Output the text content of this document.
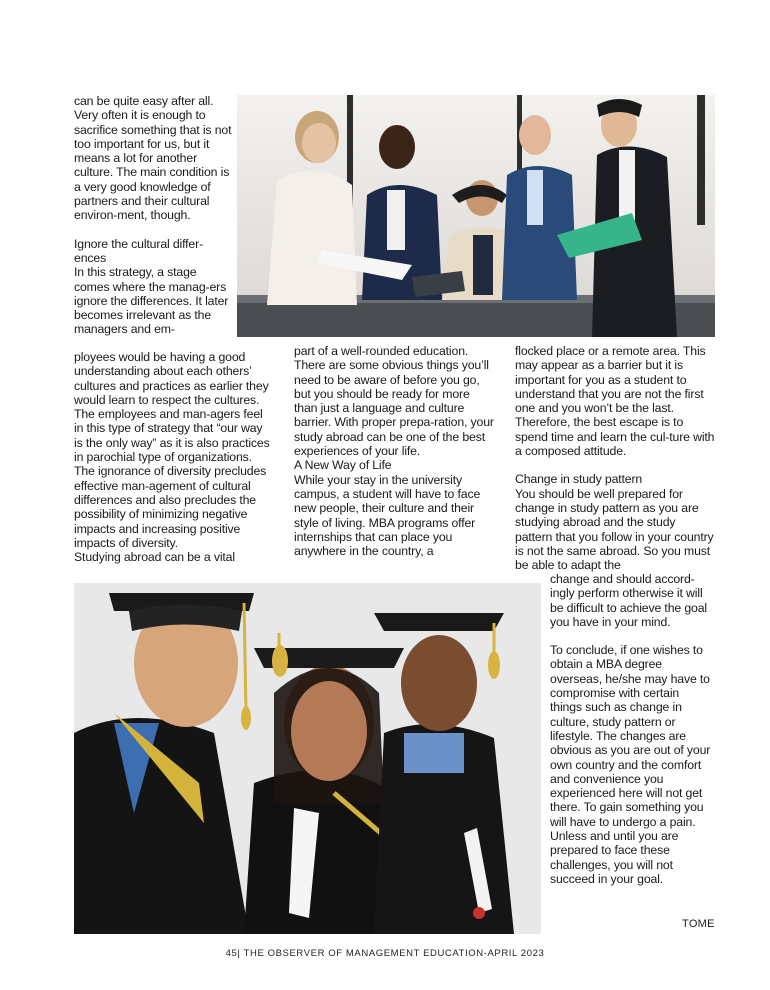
can be quite easy after all. Very often it is enough to sacrifice something that is not too important for us, but it means a lot for another culture. The main condition is a very good knowledge of partners and their cultural environ-ment, though.

Ignore the cultural differ-ences

In this strategy, a stage comes where the manag-ers ignore the differences. It later becomes irrelevant as the managers and em-

ployees would be having a good understanding about each others’ cultures and practices as earlier they would learn to respect the cultures. The employees and man-agers feel in this type of strategy that “our way is the only way” as it is also practices in parochial type of organizations. The ignorance of diversity precludes effective man-agement of cultural differences and also precludes the possibility of minimizing negative impacts and increasing positive impacts of diversity.

Studying abroad can be a vital

part of a well-rounded education. There are some obvious things you’ll need to be aware of before you go, but you should be ready for more than just a language and culture barrier. With proper prepa-ration, your study abroad can be one of the best experiences of your life.

A New Way of Life

While your stay in the university campus, a student will have to face new people, their culture and their style of living. MBA programs offer internships that can place you anywhere in the country, a

flocked place or a remote area. This may appear as a barrier but it is important for you as a student to understand that you are not the first one and you won’t be the last. Therefore, the best escape is to spend time and learn the cul-ture with a composed attitude.

Change in study pattern

You should be well prepared for change in study pattern as you are studying abroad and the study pattern that you follow in your country is not the same abroad. So you must be able to adapt the

change and should accord-ingly perform otherwise it will be difficult to achieve the goal you have in your mind.

To conclude, if one wishes to obtain a MBA degree overseas, he/she may have to compromise with certain things such as change in culture, study pattern or lifestyle. The changes are obvious as you are out of your own country and the comfort and convenience you experienced here will not get there. To gain something you will have to undergo a pain. Unless and until you are prepared to face these challenges, you will not succeed in your goal.

TOME
45| THE OBSERVER OF MANAGEMENT EDUCATION-APRIL 2023
